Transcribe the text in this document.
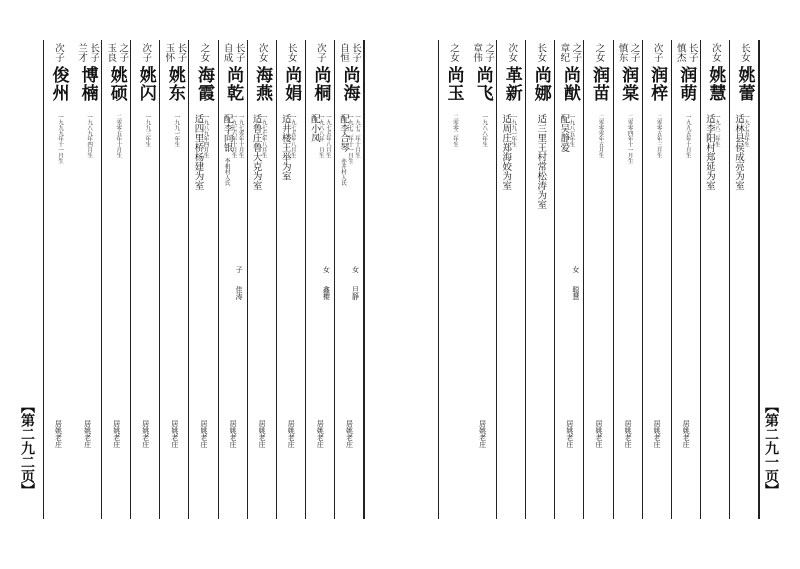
【第二九二页】
长子
自恒
尚海
一九七二年十月生
一九七二年十一月生
亦井村人氏
配李合琴
女
旦静
居姚老庄
次子
尚桐
一九七五年八月生
一九八八年　月生
配小凤
女
鑫樱
居姚老庄
长女
尚娟
一九七五年八月生
适井楼王举为室
居姚老庄
次女
海燕
一九七七年八月生
适鲁庄鲁大克为室
居姚老庄
长子
自成
尚乾
一九七零年十月生
一九七六年十月生
李相村人氏
配李向银
子
佳涛
居姚老庄
之女
海霞
一九八九年四月生
适四里桥杨建为室
居姚老庄
长子
玉怀
姚东
一九九一年生
居姚老庄
次子
姚闪
一九九三年生
居姚老庄
之子
玉良
姚硕
二零零五年十月生
居姚老庄
长子
兰才
博楠
一九八九年四月生
居姚老庄
次子
俊州
一九九九年十一月生
居姚老庄
长女
姚蕾
一九七五年生
适林县侯成亮为室
次女
姚慧
一九八二年生
适李阳村郑延为室
长子
慎杰
润萌
一九九五年十月生
居姚老庄
次子
润梓
二零零五年三月生
居姚老庄
之子
慎东
润棠
二零零四年十一月生
居姚老庄
之女
润苗
二零零零年五月生
居姚老庄
之子
章纪
尚猷
一九八五年生
配吴静爱
女
聪慧
居姚老庄
长女
尚娜
适三里王村常松涛为室
次女
革新
一九九一年生
适周庄郑海姣为室
之子
章伟
尚飞
一九八八年生
居姚老庄
之女
尚玉
二零零二年生
【第二九一页】
